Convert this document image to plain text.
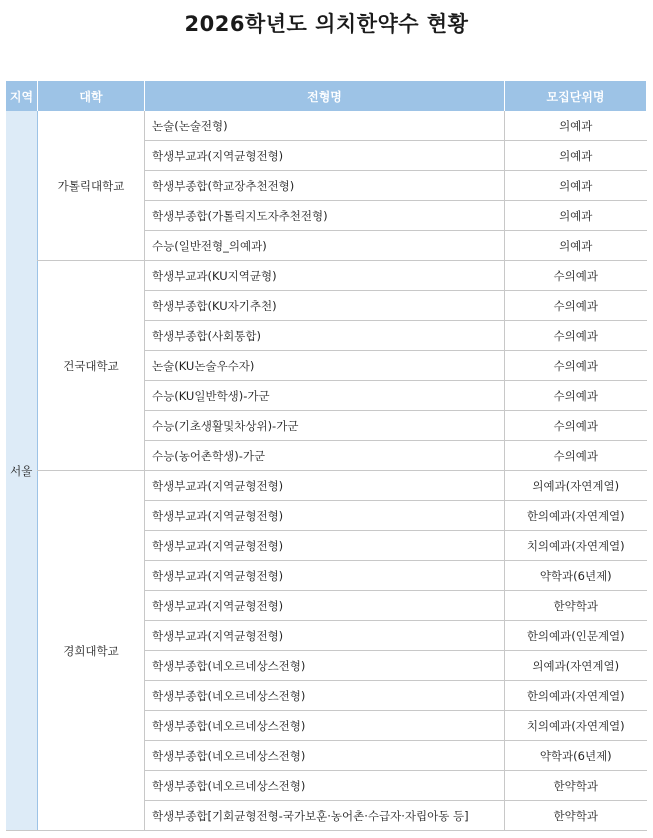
2026학년도 의치한약수 현황
지역	대학	전형명	모집단위명
서울	가톨릭대학교	논술(논술전형)	의예과
		학생부교과(지역균형전형)	의예과
		학생부종합(학교장추천전형)	의예과
		학생부종합(가톨릭지도자추천전형)	의예과
		수능(일반전형_의예과)	의예과
	건국대학교	학생부교과(KU지역균형)	수의예과
		학생부종합(KU자기추천)	수의예과
		학생부종합(사회통합)	수의예과
		논술(KU논술우수자)	수의예과
		수능(KU일반학생)-가군	수의예과
		수능(기초생활및차상위)-가군	수의예과
		수능(농어촌학생)-가군	수의예과
	경희대학교	학생부교과(지역균형전형)	의예과(자연계열)
		학생부교과(지역균형전형)	한의예과(자연계열)
		학생부교과(지역균형전형)	치의예과(자연계열)
		학생부교과(지역균형전형)	약학과(6년제)
		학생부교과(지역균형전형)	한약학과
		학생부교과(지역균형전형)	한의예과(인문계열)
		학생부종합(네오르네상스전형)	의예과(자연계열)
		학생부종합(네오르네상스전형)	한의예과(자연계열)
		학생부종합(네오르네상스전형)	치의예과(자연계열)
		학생부종합(네오르네상스전형)	약학과(6년제)
		학생부종합(네오르네상스전형)	한약학과
		학생부종합[기회균형전형-국가보훈·농어촌·수급자·자립아동 등]	한약학과
